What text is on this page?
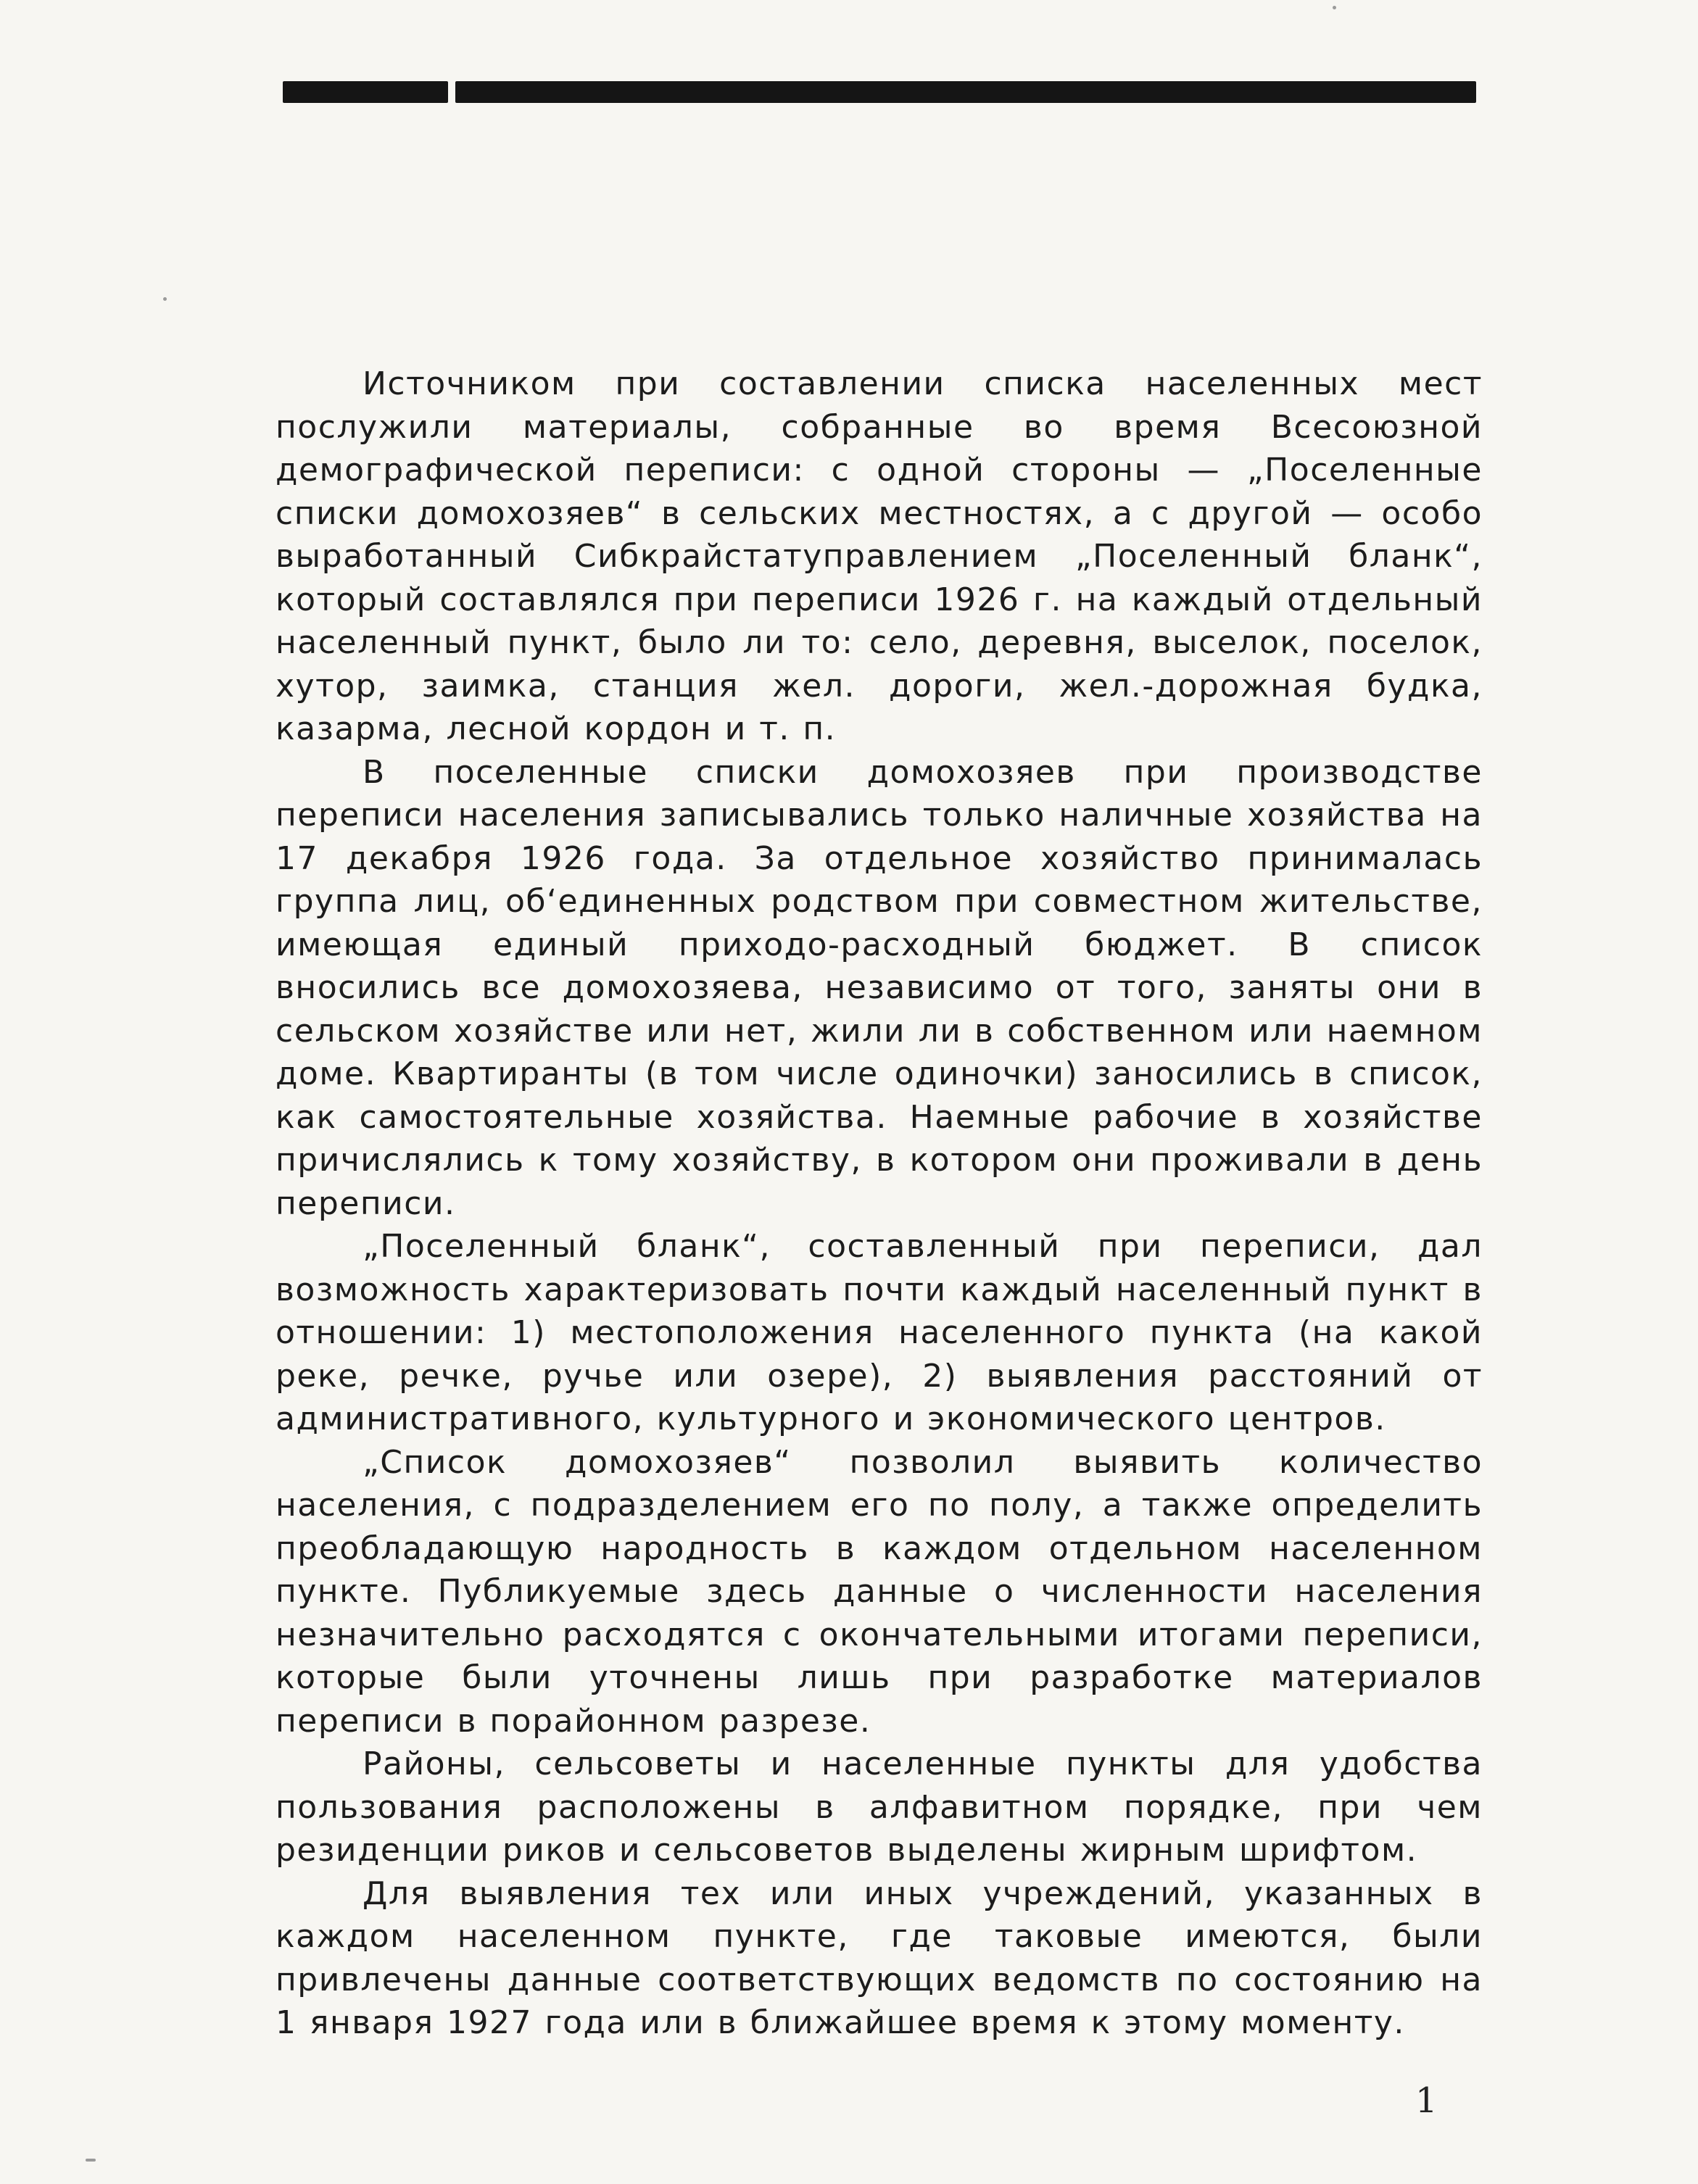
Источником при составлении списка населенных мест послужили материалы, собранные во время Всесоюзной демографической переписи: с одной стороны — „Поселенные списки домохозяев“ в сельских местностях, а с другой — особо выработанный Сибкрайстатуправлением „Поселенный бланк“, который составлялся при переписи 1926 г. на каждый отдельный населенный пункт, было ли то: село, деревня, выселок, поселок, хутор, заимка, станция жел. дороги, жел.-дорожная будка, казарма, лесной кордон и т. п.

В поселенные списки домохозяев при производстве переписи населения записывались только наличные хозяйства на 17 декабря 1926 года. За отдельное хозяйство принималась группа лиц, об‘единенных родством при совместном жительстве, имеющая единый приходо-расходный бюджет. В список вносились все домохозяева, независимо от того, заняты они в сельском хозяйстве или нет, жили ли в собственном или наемном доме. Квартиранты (в том числе одиночки) заносились в список, как самостоятельные хозяйства. Наемные рабочие в хозяйстве причислялись к тому хозяйству, в котором они проживали в день переписи.

„Поселенный бланк“, составленный при переписи, дал возможность характеризовать почти каждый населенный пункт в отношении: 1) местоположения населенного пункта (на какой реке, речке, ручье или озере), 2) выявления расстояний от административного, культурного и экономического центров.

„Список домохозяев“ позволил выявить количество населения, с подразделением его по полу, а также определить преобладающую народность в каждом отдельном населенном пункте. Публикуемые здесь данные о численности населения незначительно расходятся с окончательными итогами переписи, которые были уточнены лишь при разработке материалов переписи в порайонном разрезе.

Районы, сельсоветы и населенные пункты для удобства пользования расположены в алфавитном порядке, при чем резиденции риков и сельсоветов выделены жирным шрифтом.

Для выявления тех или иных учреждений, указанных в каждом населенном пункте, где таковые имеются, были привлечены данные соответствующих ведомств по состоянию на 1 января 1927 года или в ближайшее время к этому моменту.

1
